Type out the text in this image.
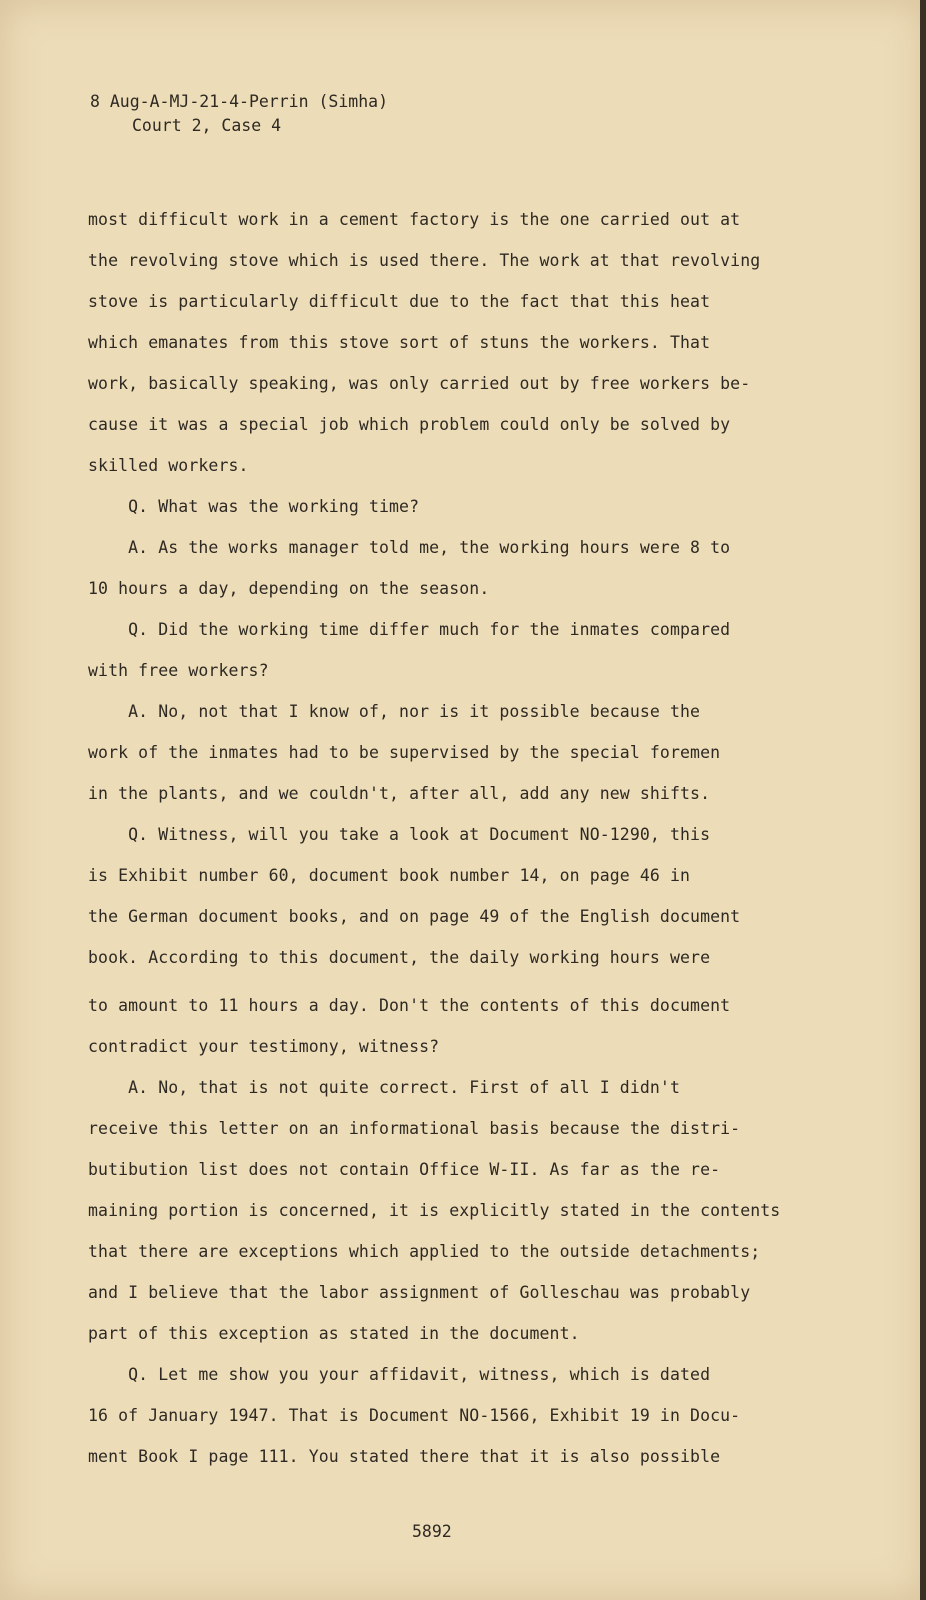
8 Aug-A-MJ-21-4-Perrin (Simha)
Court 2, Case 4
most difficult work in a cement factory is the one carried out at
the revolving stove which is used there. The work at that revolving
stove is particularly difficult due to the fact that this heat
which emanates from this stove sort of stuns the workers. That
work, basically speaking, was only carried out by free workers be-
cause it was a special job which problem could only be solved by
skilled workers.
Q. What was the working time?
A. As the works manager told me, the working hours were 8 to
10 hours a day, depending on the season.
Q. Did the working time differ much for the inmates compared
with free workers?
A. No, not that I know of, nor is it possible because the
work of the inmates had to be supervised by the special foremen
in the plants, and we couldn't, after all, add any new shifts.
Q. Witness, will you take a look at Document NO-1290, this
is Exhibit number 60, document book number 14, on page 46 in
the German document books, and on page 49 of the English document
book. According to this document, the daily working hours were
to amount to 11 hours a day. Don't the contents of this document
contradict your testimony, witness?
A. No, that is not quite correct. First of all I didn't
receive this letter on an informational basis because the distri-
butibution list does not contain Office W-II. As far as the re-
maining portion is concerned, it is explicitly stated in the contents
that there are exceptions which applied to the outside detachments;
and I believe that the labor assignment of Golleschau was probably
part of this exception as stated in the document.
Q. Let me show you your affidavit, witness, which is dated
16 of January 1947. That is Document NO-1566, Exhibit 19 in Docu-
ment Book I page 111. You stated there that it is also possible
5892
